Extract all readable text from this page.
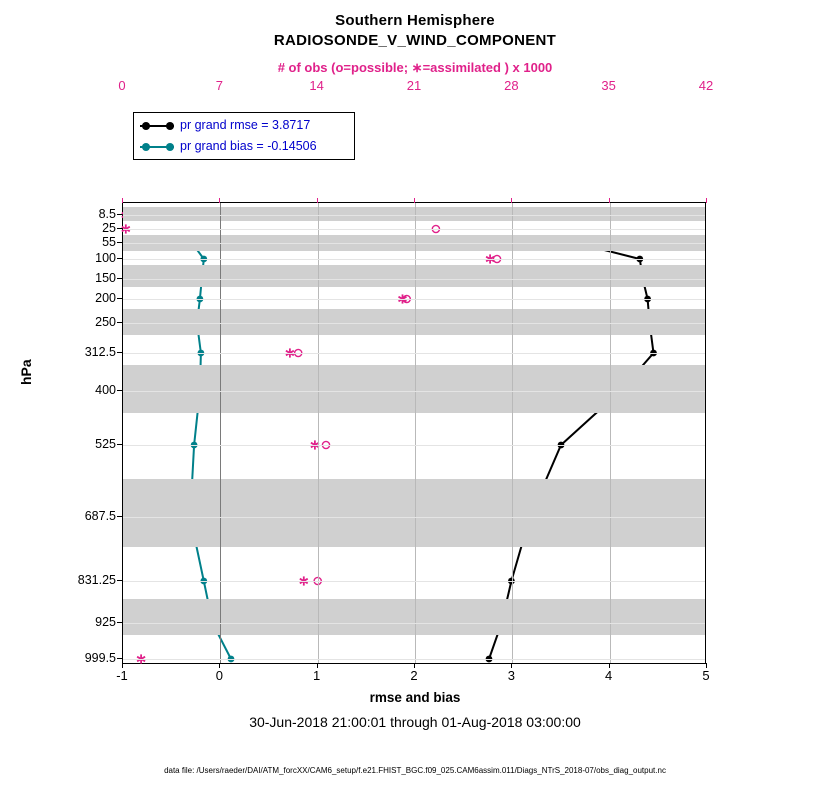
Southern Hemisphere
RADIOSONDE_V_WIND_COMPONENT
# of obs (o=possible; ∗=assimilated ) x 1000
hPa
rmse and bias
30-Jun-2018 21:00:01 through 01-Aug-2018 03:00:00
data file: /Users/raeder/DAI/ATM_forcXX/CAM6_setup/f.e21.FHIST_BGC.f09_025.CAM6assim.011/Diags_NTrS_2018-07/obs_diag_output.nc
pr grand rmse = 3.8717
pr grand bias = -0.14506
8.5
25
55
100
150
200
250
312.5
400
525
687.5
831.25
925
999.5
-1	0	1	2	3	4	5
0	7	14	21	28	35	42
